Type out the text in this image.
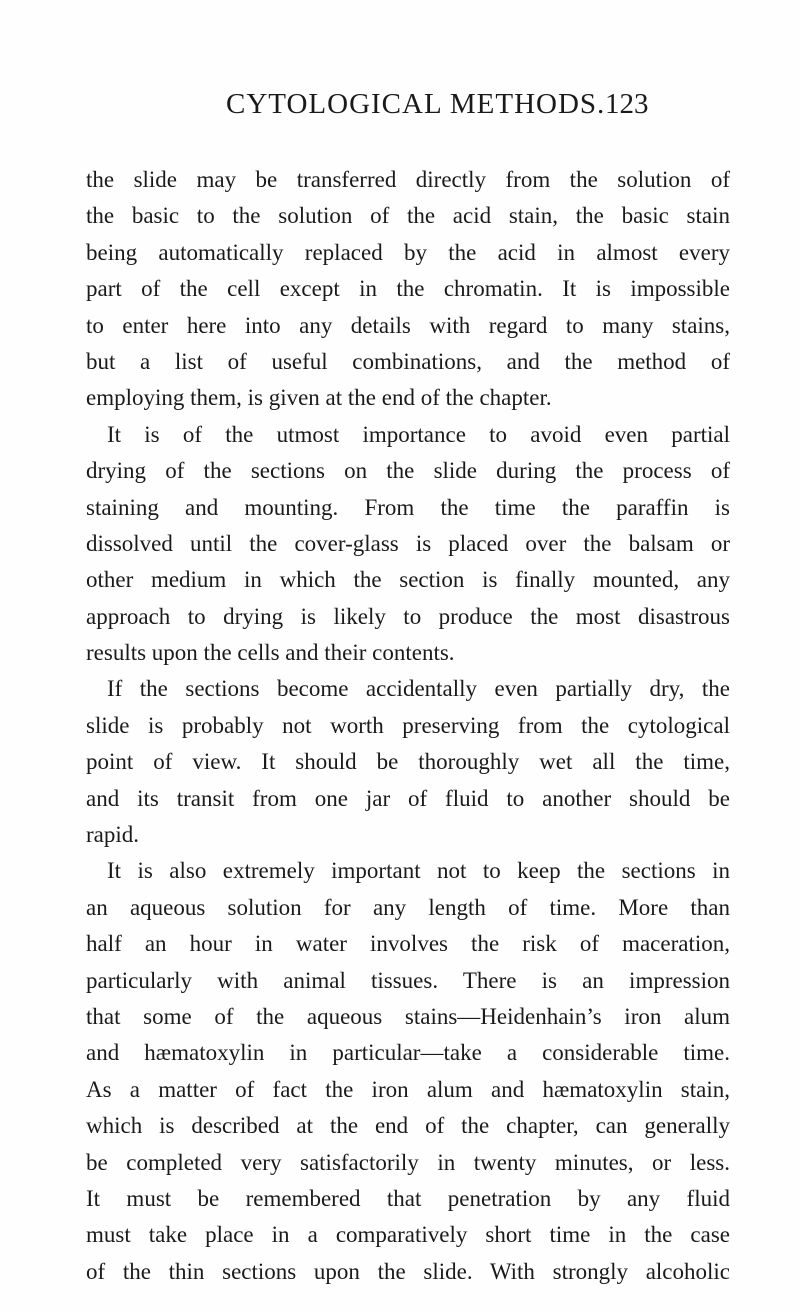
CYTOLOGICAL METHODS. 123
the slide may be transferred directly from the solution of
the basic to the solution of the acid stain, the basic stain
being automatically replaced by the acid in almost every
part of the cell except in the chromatin. It is impossible
to enter here into any details with regard to many stains,
but a list of useful combinations, and the method of
employing them, is given at the end of the chapter.
It is of the utmost importance to avoid even partial
drying of the sections on the slide during the process of
staining and mounting. From the time the paraffin is
dissolved until the cover-glass is placed over the balsam or
other medium in which the section is finally mounted, any
approach to drying is likely to produce the most disastrous
results upon the cells and their contents.
If the sections become accidentally even partially dry, the
slide is probably not worth preserving from the cytological
point of view. It should be thoroughly wet all the time,
and its transit from one jar of fluid to another should be
rapid.
It is also extremely important not to keep the sections in
an aqueous solution for any length of time. More than
half an hour in water involves the risk of maceration,
particularly with animal tissues. There is an impression
that some of the aqueous stains—Heidenhain’s iron alum
and hæmatoxylin in particular—take a considerable time.
As a matter of fact the iron alum and hæmatoxylin stain,
which is described at the end of the chapter, can generally
be completed very satisfactorily in twenty minutes, or less.
It must be remembered that penetration by any fluid
must take place in a comparatively short time in the case
of the thin sections upon the slide. With strongly alcoholic
